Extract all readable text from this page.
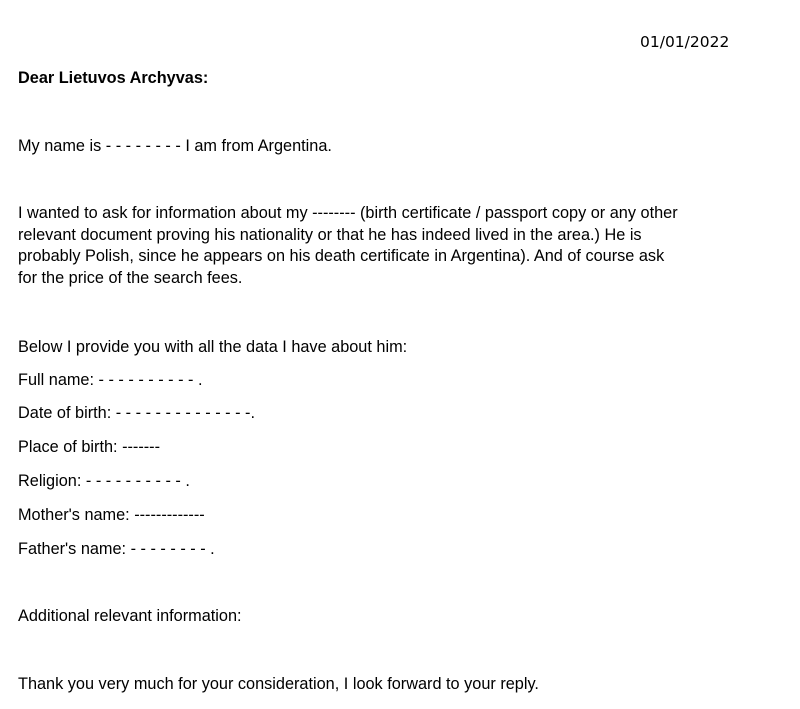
01/01/2022
Dear Lietuvos Archyvas:
My name is - - - - - - - - I am from Argentina.
I wanted to ask for information about my -------- (birth certificate / passport copy or any other
relevant document proving his nationality or that he has indeed lived in the area.) He is
probably Polish, since he appears on his death certificate in Argentina). And of course ask
for the price of the search fees.
Below I provide you with all the data I have about him:
Full name: - - - - - - - - - - .
Date of birth: - - - - - - - - - - - - - -.
Place of birth: -------
Religion: - - - - - - - - - - .
Mother's name: -------------
Father's name: - - - - - - - - .
Additional relevant information:
Thank you very much for your consideration, I look forward to your reply.
